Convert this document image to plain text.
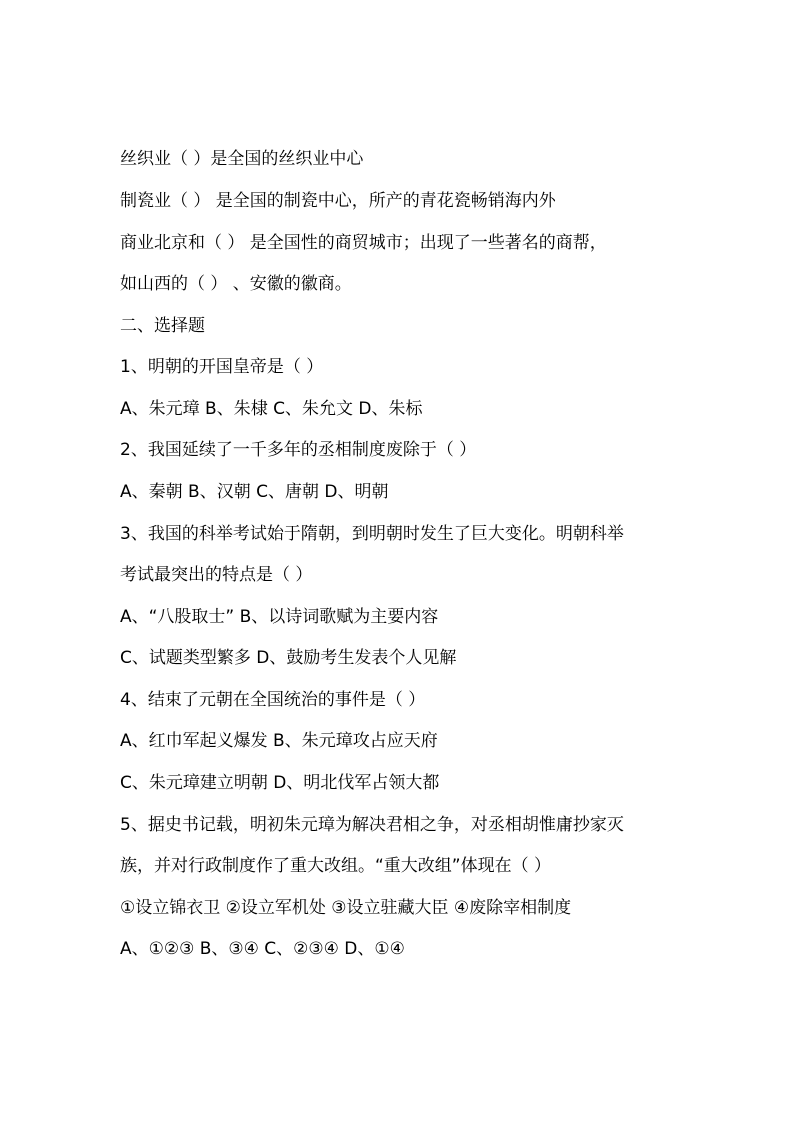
丝织业（ ）是全国的丝织业中心
制瓷业（ ） 是全国的制瓷中心，所产的青花瓷畅销海内外
商业北京和（ ） 是全国性的商贸城市；出现了一些著名的商帮，
如山西的（ ） 、安徽的徽商。
二、选择题
1、明朝的开国皇帝是（ ）
A、朱元璋 B、朱棣 C、朱允文 D、朱标
2、我国延续了一千多年的丞相制度废除于（ ）
A、秦朝 B、汉朝 C、唐朝 D、明朝
3、我国的科举考试始于隋朝，到明朝时发生了巨大变化。明朝科举
考试最突出的特点是（ ）
A、“八股取士” B、以诗词歌赋为主要内容
C、试题类型繁多 D、鼓励考生发表个人见解
4、结束了元朝在全国统治的事件是（ ）
A、红巾军起义爆发 B、朱元璋攻占应天府
C、朱元璋建立明朝 D、明北伐军占领大都
5、据史书记载，明初朱元璋为解决君相之争，对丞相胡惟庸抄家灭
族，并对行政制度作了重大改组。“重大改组”体现在（ ）
①设立锦衣卫 ②设立军机处 ③设立驻藏大臣 ④废除宰相制度
A、①②③ B、③④ C、②③④ D、①④
